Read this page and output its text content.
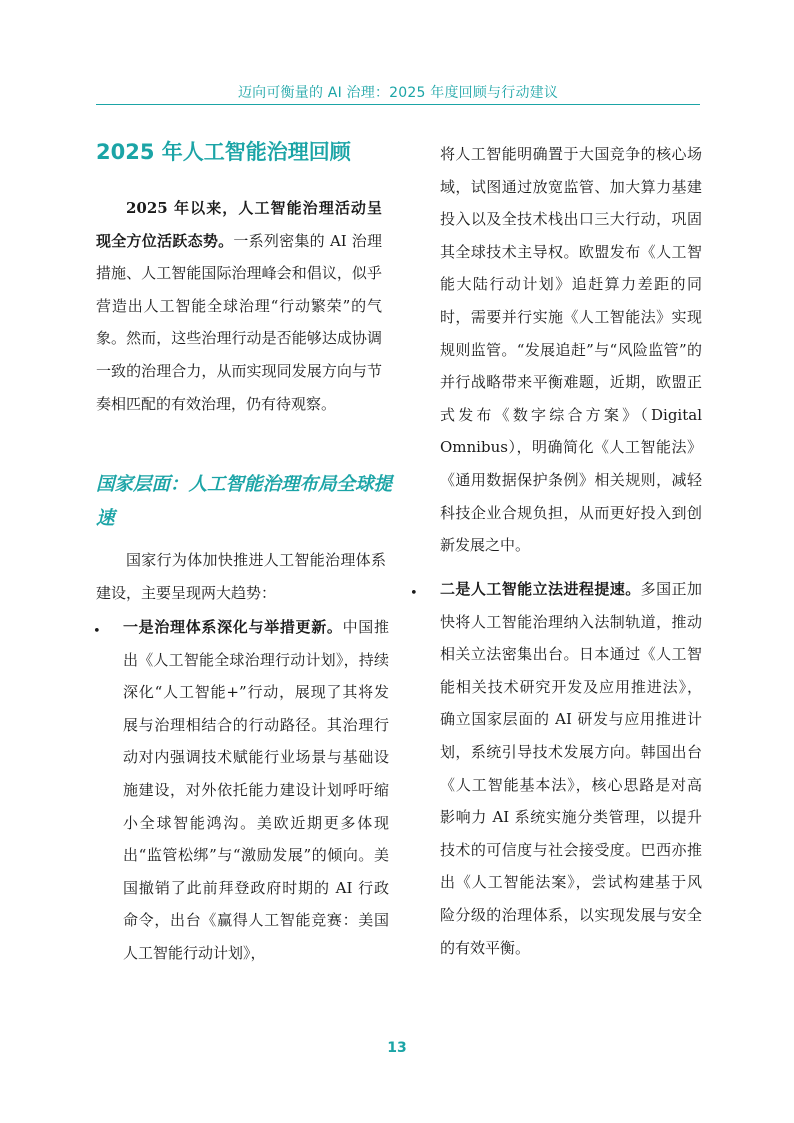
迈向可衡量的 AI 治理：2025 年度回顾与行动建议
2025 年人工智能治理回顾

2025 年以来，人工智能治理活动呈现全方位活跃态势。一系列密集的 AI 治理措施、人工智能国际治理峰会和倡议，似乎营造出人工智能全球治理“行动繁荣”的气象。然而，这些治理行动是否能够达成协调一致的治理合力，从而实现同发展方向与节奏相匹配的有效治理，仍有待观察。

国家层面：人工智能治理布局全球提速

国家行为体加快推进人工智能治理体系建设，主要呈现两大趋势：

• 一是治理体系深化与举措更新。中国推出《人工智能全球治理行动计划》，持续深化“人工智能+”行动，展现了其将发展与治理相结合的行动路径。其治理行动对内强调技术赋能行业场景与基础设施建设，对外依托能力建设计划呼吁缩小全球智能鸿沟。美欧近期更多体现出“监管松绑”与“激励发展”的倾向。美国撤销了此前拜登政府时期的 AI 行政命令，出台《赢得人工智能竞赛：美国人工智能行动计划》，

将人工智能明确置于大国竞争的核心场域，试图通过放宽监管、加大算力基建投入以及全技术栈出口三大行动，巩固其全球技术主导权。欧盟发布《人工智能大陆行动计划》追赶算力差距的同时，需要并行实施《人工智能法》实现规则监管。“发展追赶”与“风险监管”的并行战略带来平衡难题，近期，欧盟正式发布《数字综合方案》（Digital Omnibus），明确简化《人工智能法》《通用数据保护条例》相关规则，减轻科技企业合规负担，从而更好投入到创新发展之中。

• 二是人工智能立法进程提速。多国正加快将人工智能治理纳入法制轨道，推动相关立法密集出台。日本通过《人工智能相关技术研究开发及应用推进法》，确立国家层面的 AI 研发与应用推进计划，系统引导技术发展方向。韩国出台《人工智能基本法》，核心思路是对高影响力 AI 系统实施分类管理，以提升技术的可信度与社会接受度。巴西亦推出《人工智能法案》，尝试构建基于风险分级的治理体系，以实现发展与安全的有效平衡。

13
